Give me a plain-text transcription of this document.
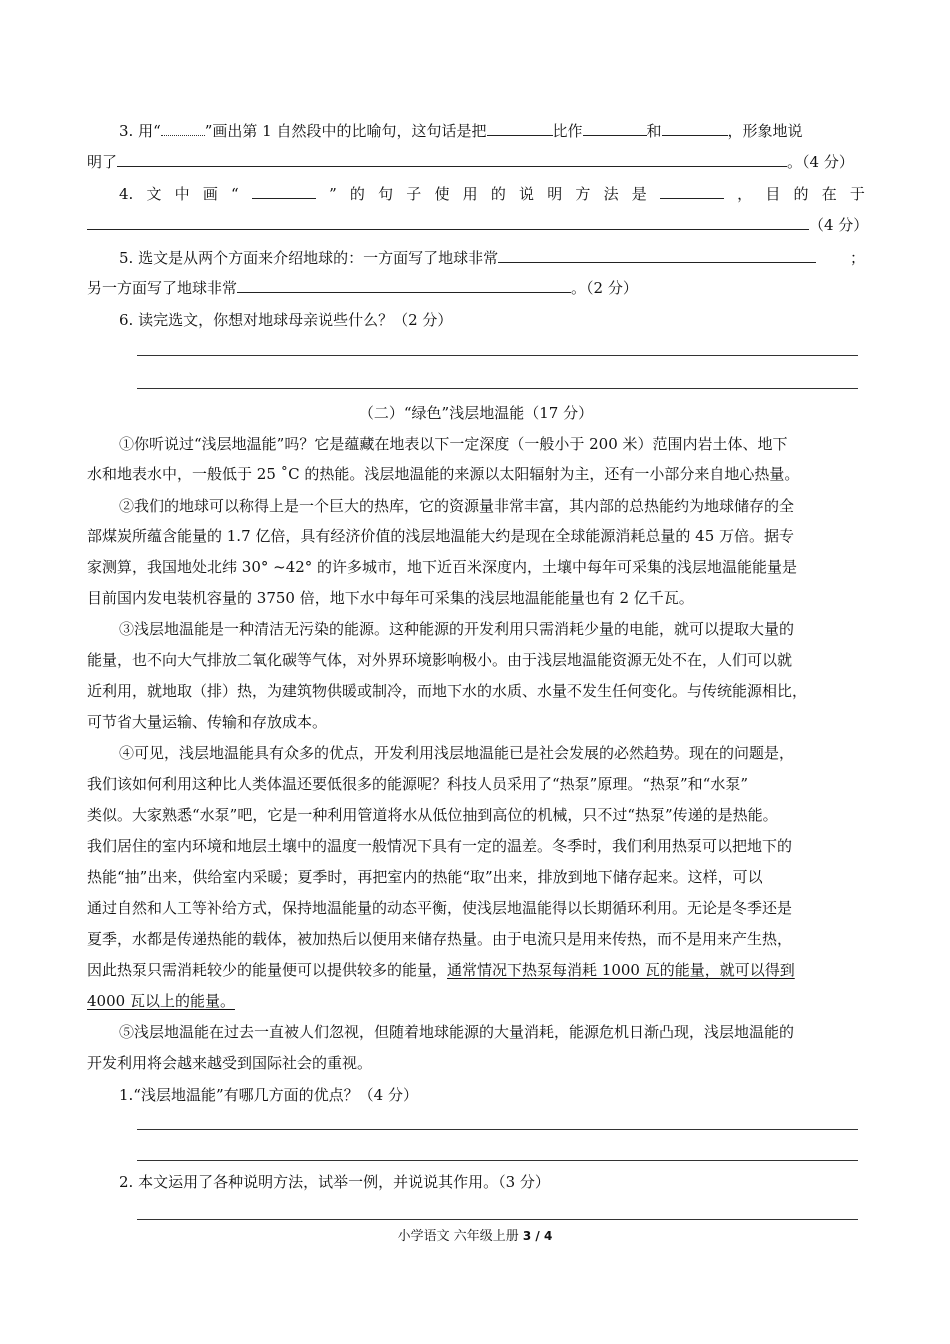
3. 用“	”画出第 1 自然段中的比喻句，这句话是把	比作	和	，形象地说
明了	。（4 分）
4. 文 中 画 “	” 的 句 子 使 用 的 说 明 方 法 是	， 目 的 在 于
（4 分）
5. 选文是从两个方面来介绍地球的：一方面写了地球非常	；
另一方面写了地球非常	。（2 分）
6. 读完选文，你想对地球母亲说些什么？（2 分）
（二）“绿色”浅层地温能（17 分）
①你听说过“浅层地温能”吗？它是蕴藏在地表以下一定深度（一般小于 200 米）范围内岩土体、地下
水和地表水中，一般低于 25 ˚C 的热能。浅层地温能的来源以太阳辐射为主，还有一小部分来自地心热量。
②我们的地球可以称得上是一个巨大的热库，它的资源量非常丰富，其内部的总热能约为地球储存的全
部煤炭所蕴含能量的 1.7 亿倍，具有经济价值的浅层地温能大约是现在全球能源消耗总量的 45 万倍。据专
家测算，我国地处北纬 30° ~42° 的许多城市，地下近百米深度内，土壤中每年可采集的浅层地温能能量是
目前国内发电装机容量的 3750 倍，地下水中每年可采集的浅层地温能能量也有 2 亿千瓦。
③浅层地温能是一种清洁无污染的能源。这种能源的开发利用只需消耗少量的电能，就可以提取大量的
能量，也不向大气排放二氧化碳等气体，对外界环境影响极小。由于浅层地温能资源无处不在，人们可以就
近利用，就地取（排）热，为建筑物供暖或制冷，而地下水的水质、水量不发生任何变化。与传统能源相比，
可节省大量运输、传输和存放成本。
④可见，浅层地温能具有众多的优点，开发利用浅层地温能已是社会发展的必然趋势。现在的问题是，
我们该如何利用这种比人类体温还要低很多的能源呢？科技人员采用了“热泵”原理。“热泵”和“水泵”
类似。大家熟悉“水泵”吧，它是一种利用管道将水从低位抽到高位的机械，只不过“热泵”传递的是热能。
我们居住的室内环境和地层土壤中的温度一般情况下具有一定的温差。冬季时，我们利用热泵可以把地下的
热能“抽”出来，供给室内采暖；夏季时，再把室内的热能“取”出来，排放到地下储存起来。这样，可以
通过自然和人工等补给方式，保持地温能量的动态平衡，使浅层地温能得以长期循环利用。无论是冬季还是
夏季，水都是传递热能的载体，被加热后以便用来储存热量。由于电流只是用来传热，而不是用来产生热，
因此热泵只需消耗较少的能量便可以提供较多的能量，通常情况下热泵每消耗 1000 瓦的能量，就可以得到
4000 瓦以上的能量。
⑤浅层地温能在过去一直被人们忽视，但随着地球能源的大量消耗，能源危机日渐凸现，浅层地温能的
开发利用将会越来越受到国际社会的重视。
1.“浅层地温能”有哪几方面的优点？（4 分）
2. 本文运用了各种说明方法，试举一例，并说说其作用。（3 分）
小学语文 六年级上册 3 / 4
